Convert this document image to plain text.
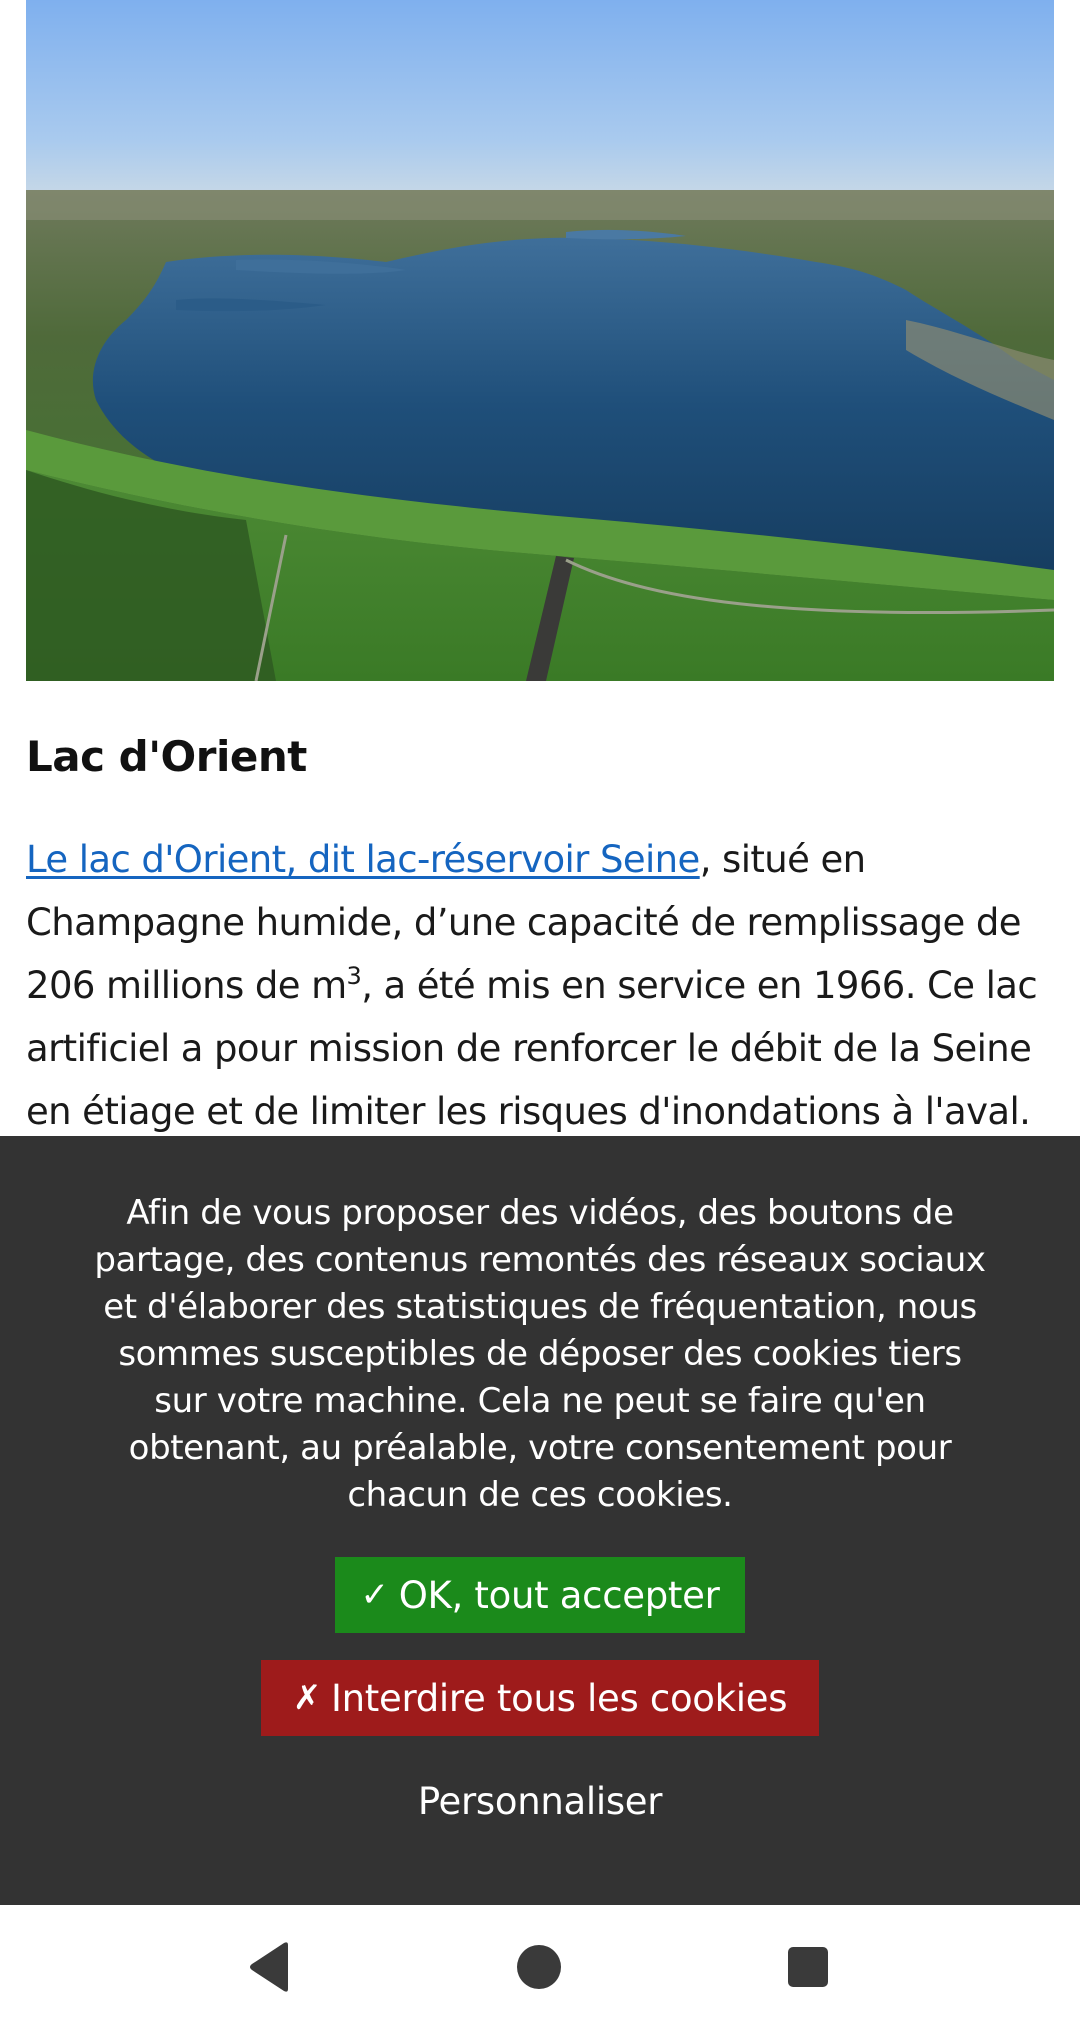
Lac d'Orient

Le lac d'Orient, dit lac-réservoir Seine, situé en Champagne humide, d’une capacité de remplissage de 206 millions de $m^3$, a été mis en service en 1966. Ce lac artificiel a pour mission de renforcer le débit de la Seine en étiage et de limiter les risques d'inondations à l'aval.

Afin de vous proposer des vidéos, des boutons de partage, des contenus remontés des réseaux sociaux et d'élaborer des statistiques de fréquentation, nous sommes susceptibles de déposer des cookies tiers sur votre machine. Cela ne peut se faire qu'en obtenant, au préalable, votre consentement pour chacun de ces cookies.

✓ OK, tout accepter
✗ Interdire tous les cookies
Personnaliser
